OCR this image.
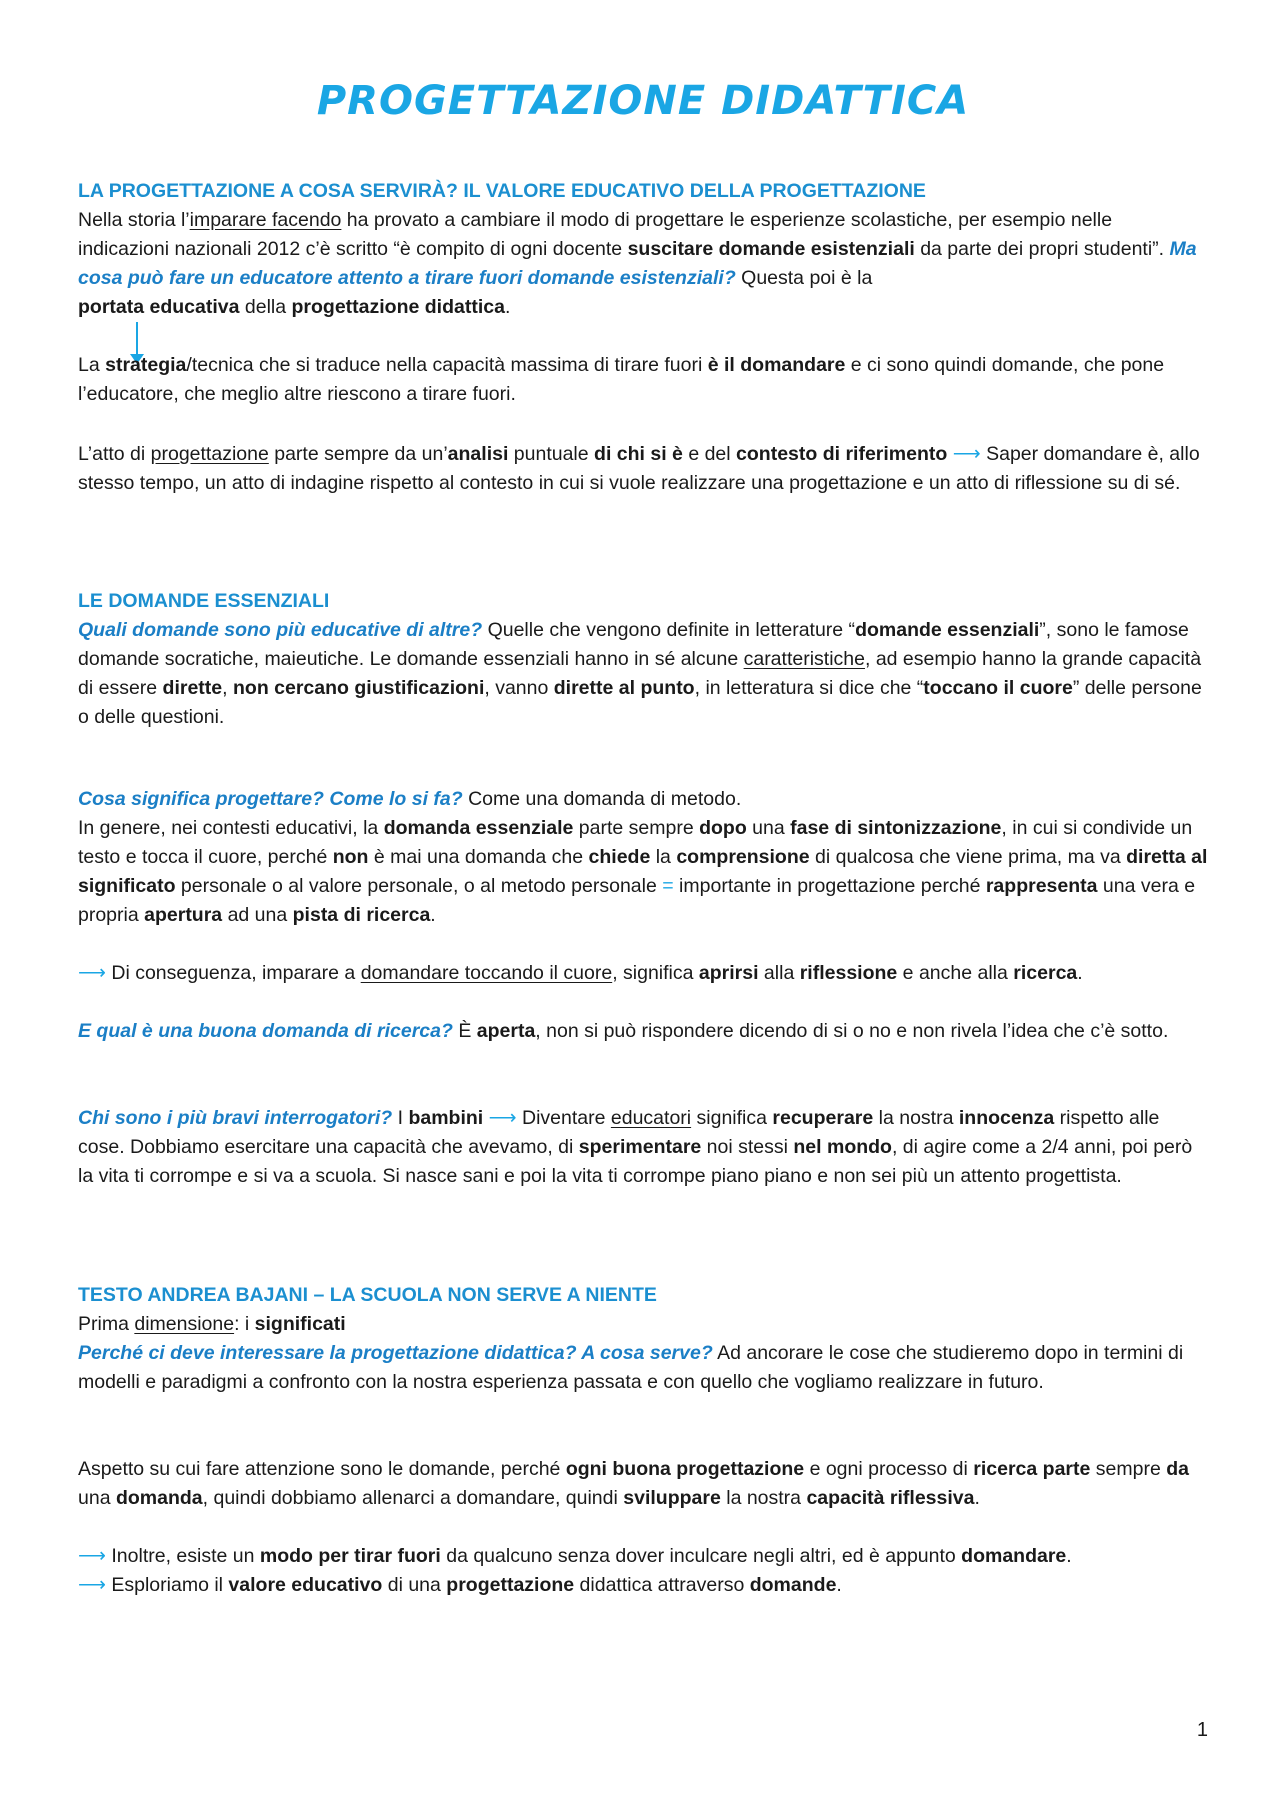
PROGETTAZIONE DIDATTICA

LA PROGETTAZIONE A COSA SERVIRÀ? IL VALORE EDUCATIVO DELLA PROGETTAZIONE

Nella storia l’imparare facendo ha provato a cambiare il modo di progettare le esperienze scolastiche, per esempio nelle indicazioni nazionali 2012 c’è scritto “è compito di ogni docente suscitare domande esistenziali da parte dei propri studenti”. Ma cosa può fare un educatore attento a tirare fuori domande esistenziali? Questa poi è la
portata educativa della progettazione didattica.

La strategia/tecnica che si traduce nella capacità massima di tirare fuori è il domandare e ci sono quindi domande, che pone l’educatore, che meglio altre riescono a tirare fuori.

L’atto di progettazione parte sempre da un’analisi puntuale di chi si è e del contesto di riferimento ⟶ Saper domandare è, allo stesso tempo, un atto di indagine rispetto al contesto in cui si vuole realizzare una progettazione e un atto di riflessione su di sé.

LE DOMANDE ESSENZIALI

Quali domande sono più educative di altre? Quelle che vengono definite in letterature “domande essenziali”, sono le famose domande socratiche, maieutiche. Le domande essenziali hanno in sé alcune caratteristiche, ad esempio hanno la grande capacità di essere dirette, non cercano giustificazioni, vanno dirette al punto, in letteratura si dice che “toccano il cuore” delle persone o delle questioni.

Cosa significa progettare? Come lo si fa? Come una domanda di metodo.

In genere, nei contesti educativi, la domanda essenziale parte sempre dopo una fase di sintonizzazione, in cui si condivide un testo e tocca il cuore, perché non è mai una domanda che chiede la comprensione di qualcosa che viene prima, ma va diretta al significato personale o al valore personale, o al metodo personale = importante in progettazione perché rappresenta una vera e propria apertura ad una pista di ricerca.

⟶ Di conseguenza, imparare a domandare toccando il cuore, significa aprirsi alla riflessione e anche alla ricerca.

E qual è una buona domanda di ricerca? È aperta, non si può rispondere dicendo di si o no e non rivela l’idea che c’è sotto.

Chi sono i più bravi interrogatori? I bambini ⟶ Diventare educatori significa recuperare la nostra innocenza rispetto alle cose. Dobbiamo esercitare una capacità che avevamo, di sperimentare noi stessi nel mondo, di agire come a 2/4 anni, poi però la vita ti corrompe e si va a scuola. Si nasce sani e poi la vita ti corrompe piano piano e non sei più un attento progettista.

TESTO ANDREA BAJANI – LA SCUOLA NON SERVE A NIENTE

Prima dimensione: i significati

Perché ci deve interessare la progettazione didattica? A cosa serve? Ad ancorare le cose che studieremo dopo in termini di modelli e paradigmi a confronto con la nostra esperienza passata e con quello che vogliamo realizzare in futuro.

Aspetto su cui fare attenzione sono le domande, perché ogni buona progettazione e ogni processo di ricerca parte sempre da una domanda, quindi dobbiamo allenarci a domandare, quindi sviluppare la nostra capacità riflessiva.

⟶ Inoltre, esiste un modo per tirar fuori da qualcuno senza dover inculcare negli altri, ed è appunto domandare.

⟶ Esploriamo il valore educativo di una progettazione didattica attraverso domande.

1
